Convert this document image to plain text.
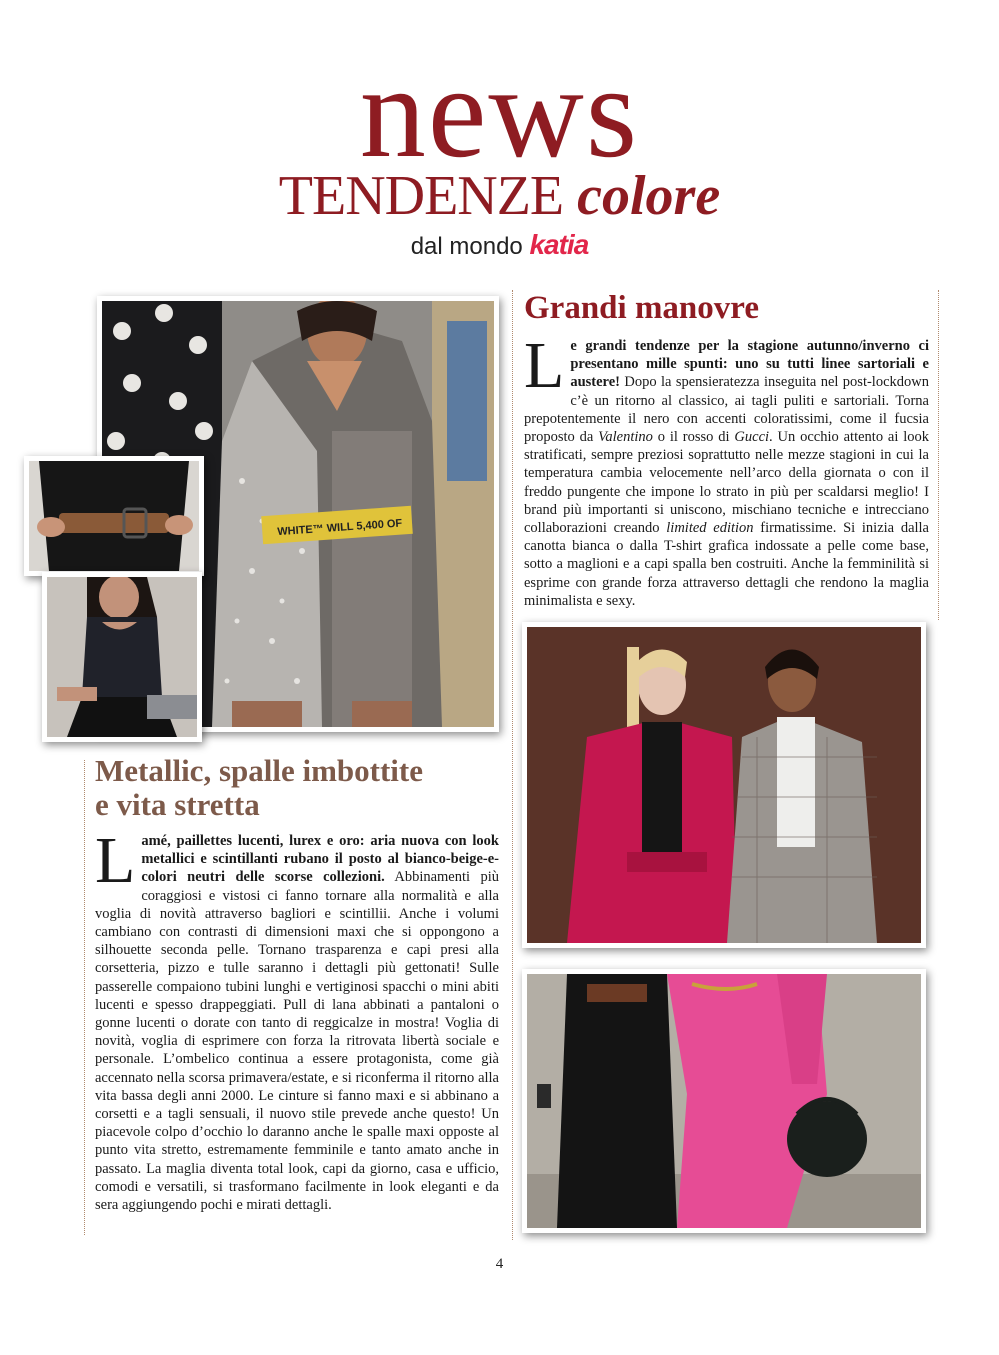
news
TENDENZE colore
dal mondo katia
WHITE™ WILL 5,400 OF
Metallic, spalle imbottite
e vita stretta
Lamé, paillettes lucenti, lurex e oro: aria nuova con look metallici e scintillanti rubano il posto al bianco-beige-e-colori neutri delle scorse collezioni. Abbinamenti più coraggiosi e vistosi ci fanno tornare alla normalità e alla voglia di novità attraverso bagliori e scintillii. Anche i volumi cambiano con contrasti di dimensioni maxi che si oppongono a silhouette seconda pelle. Tornano trasparenza e capi presi alla corsetteria, pizzo e tulle saranno i dettagli più gettonati! Sulle passerelle compaiono tubini lunghi e vertiginosi spacchi o mini abiti lucenti e spesso drappeggiati. Pull di lana abbinati a pantaloni o gonne lucenti o dorate con tanto di reggicalze in mostra! Voglia di novità, voglia di esprimere con forza la ritrovata libertà sociale e personale. L’ombelico continua a essere protagonista, come già accennato nella scorsa primavera/estate, e si riconferma il ritorno alla vita bassa degli anni 2000. Le cinture si fanno maxi e si abbinano a corsetti e a tagli sensuali, il nuovo stile prevede anche questo! Un piacevole colpo d’occhio lo daranno anche le spalle maxi opposte al punto vita stretto, estremamente femminile e tanto amato anche in passato. La maglia diventa total look, capi da giorno, casa e ufficio, comodi e versatili, si trasformano facilmente in look eleganti e da sera aggiungendo pochi e mirati dettagli.
Grandi manovre
Le grandi tendenze per la stagione autunno/inverno ci presentano mille spunti: uno su tutti linee sartoriali e austere! Dopo la spensieratezza inseguita nel post-lockdown c’è un ritorno al classico, ai tagli puliti e sartoriali. Torna prepotentemente il nero con accenti coloratissimi, come il fucsia proposto da Valentino o il rosso di Gucci. Un occhio attento ai look stratificati, sempre preziosi soprattutto nelle mezze stagioni in cui la temperatura cambia velocemente nell’arco della giornata o con il freddo pungente che impone lo strato in più per scaldarsi meglio! I brand più importanti si uniscono, mischiano tecniche e intrecciano collaborazioni creando limited edition firmatissime. Si inizia dalla canotta bianca o dalla T-shirt grafica indossate a pelle come base, sotto a maglioni e a capi spalla ben costruiti. Anche la femminilità si esprime con grande forza attraverso dettagli che rendono la maglia minimalista e sexy.
4
